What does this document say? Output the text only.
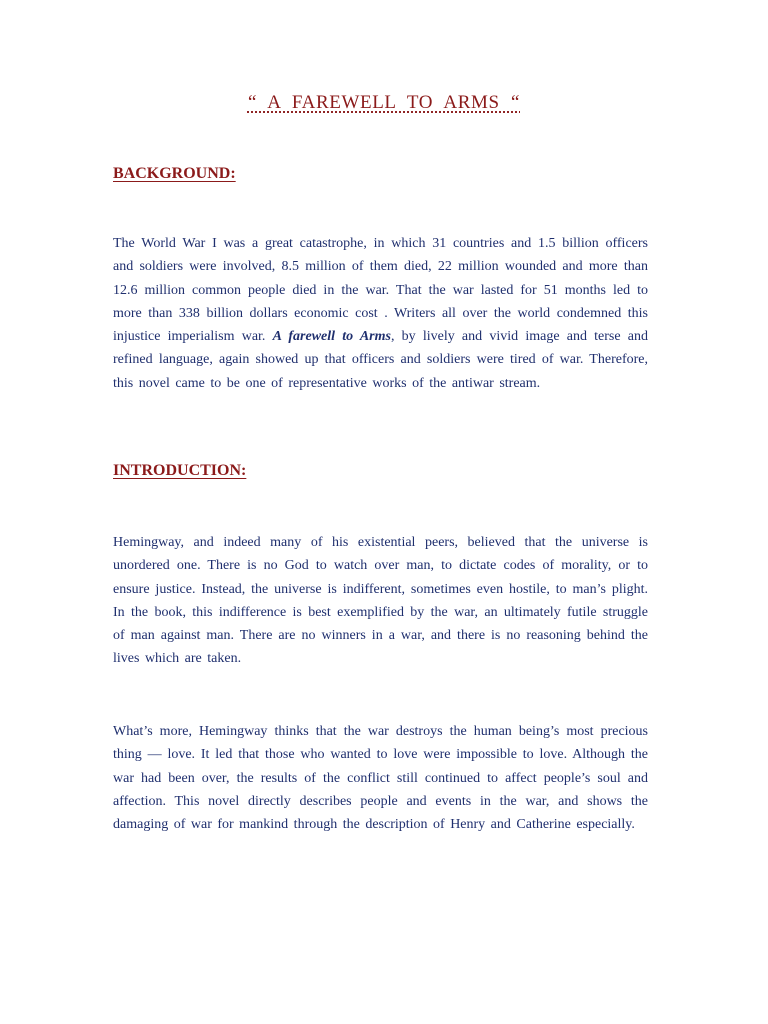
“ A FAREWELL TO ARMS “
BACKGROUND:

The World War I was a great catastrophe, in which 31 countries and 1.5 billion officers and soldiers were involved, 8.5 million of them died, 22 million wounded and more than 12.6 million common people died in the war. That the war lasted for 51 months led to more than 338 billion dollars economic cost . Writers all over the world condemned this injustice imperialism war. A farewell to Arms, by lively and vivid image and terse and refined language, again showed up that officers and soldiers were tired of war. Therefore, this novel came to be one of representative works of the antiwar stream.

INTRODUCTION:

Hemingway, and indeed many of his existential peers, believed that the universe is unordered one. There is no God to watch over man, to dictate codes of morality, or to ensure justice. Instead, the universe is indifferent, sometimes even hostile, to man’s plight. In the book, this indifference is best exemplified by the war, an ultimately futile struggle of man against man. There are no winners in a war, and there is no reasoning behind the lives which are taken.

What’s more, Hemingway thinks that the war destroys the human being’s most precious thing — love. It led that those who wanted to love were impossible to love. Although the war had been over, the results of the conflict still continued to affect people’s soul and affection. This novel directly describes people and events in the war, and shows the damaging of war for mankind through the description of Henry and Catherine especially.
